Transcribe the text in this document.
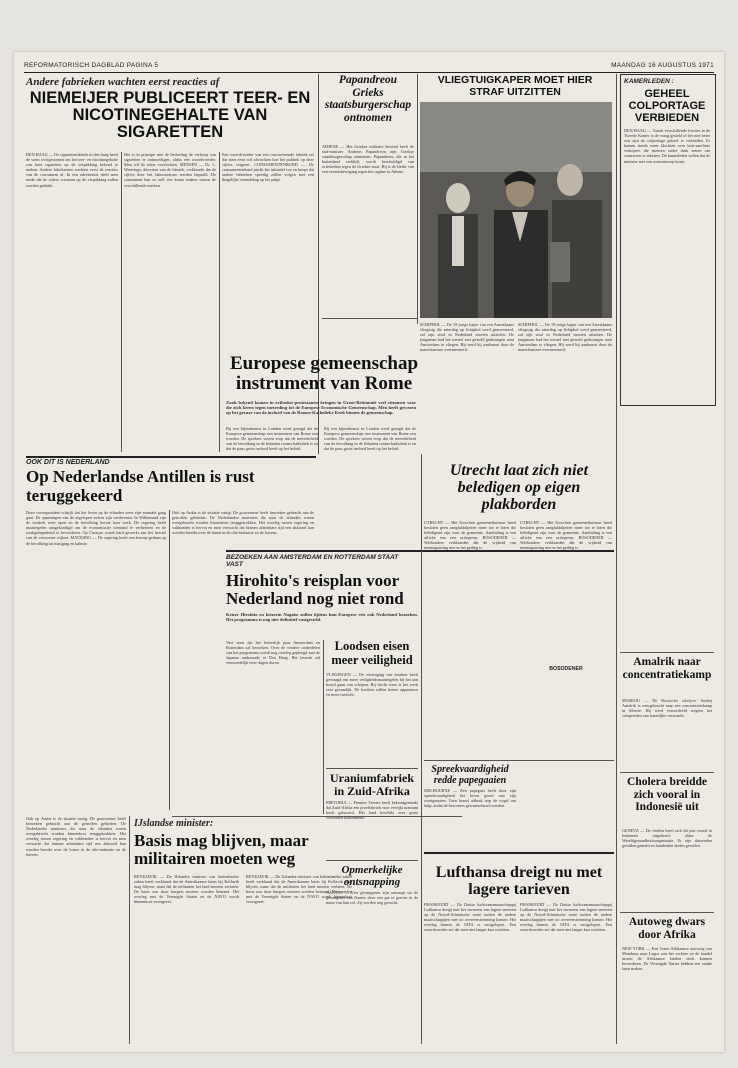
REFORMATORISCH DAGBLAD PAGINA 5	MAANDAG 16 AUGUSTUS 1971
Andere fabrieken wachten eerst reacties af
NIEMEIJER PUBLICEERT TEER- EN NICOTINEGEHALTE VAN SIGARETTEN
DEN HAAG — De sigarettenfabriek in den haag heeft de wens overgenomen om het teer- en nicotinegehalte van haar sigaretten op de verpakking bekend te maken. Andere fabrikanten wachten eerst de reacties van de consument af. In een advertentie deelt men mede dat de cijfers voortaan op de verpakking zullen worden gedrukt.
Het is in principe niet de bedoeling de verkoop van sigaretten te ontmoedigen, aldus een woordvoerder. Men wil de roker voorlichten. MENSEN — Dr. L. Weterings, directeur van de fabriek, verklaarde dat de cijfers door het laboratorium werden bepaald. De consument kan zo zelf een keuze maken tussen de verschillende merken.
Een woordvoerder van een concurrerende fabriek zei dat men eerst wil afwachten hoe het publiek op deze cijfers reageert. CONSUMENTENBOND — De consumentenbond juicht het initiatief toe en hoopt dat andere fabrieken spoedig zullen volgen met een dergelijke vermelding op het pakje.
OOK DIT IS NEDERLAND
Op Nederlandse Antillen is rust teruggekeerd
Deze correspondent schrijft dat het leven op de eilanden weer zijn normale gang gaat. De spanningen van de afgelopen weken zijn verdwenen. In Willemstad zijn de winkels weer open en de bevolking hervat haar werk. De regering heeft maatregelen aangekondigd om de economische toestand te verbeteren en de werkgelegenheid te bevorderen. Op Curaçao wordt hard gewerkt aan het herstel van de verwoeste wijken. MATIGING — De regering heeft een beroep gedaan op de bevolking tot matiging en kalmte.
Ook op Aruba is de situatie rustig. De gouverneur heeft bezoeken gebracht aan de getroffen gebieden. De Nederlandse mariniers die naar de eilanden waren overgebracht worden binnenkort teruggetrokken. Het overleg tussen regering en vakbonden is hervat en men verwacht dat binnen afzienbare tijd een akkoord kan worden bereikt over de lonen in de olie-industrie en de havens.
IJslandse minister:
Basis mag blijven, maar militairen moeten weg
REYKJAVIK — De IJslandse minister van buitenlandse zaken heeft verklaard dat de Amerikaanse basis bij Keflavik mag blijven, maar dat de militairen het land moeten verlaten. De basis zou door burgers moeten worden bemand. Het overleg met de Verenigde Staten en de NAVO wordt binnenkort voortgezet.
REYKJAVIK — De IJslandse minister van buitenlandse zaken heeft verklaard dat de Amerikaanse basis bij Keflavik mag blijven, maar dat de militairen het land moeten verlaten. De basis zou door burgers moeten worden bemand. Het overleg met de Verenigde Staten en de NAVO wordt binnenkort voortgezet.
Ook op Aruba is de situatie rustig. De gouverneur heeft bezoeken gebracht aan de getroffen gebieden. De Nederlandse mariniers die naar de eilanden waren overgebracht worden binnenkort teruggetrokken. Het overleg tussen regering en vakbonden is hervat en men verwacht dat binnen afzienbare tijd een akkoord kan worden bereikt over de lonen in de olie-industrie en de havens.
Papandreou Grieks staatsburgerschap ontnomen
ATHENE — Het Griekse militaire bewind heeft de oud-minister Andreas Papandreou zijn Griekse staatsburgerschap ontnomen. Papandreou, die in het buitenland verblijft, wordt beschuldigd van activiteiten tegen de Griekse staat. Hij is de leider van een verzetsbeweging tegen het regime in Athene.
VLIEGTUIGKAPER MOET HIER STRAF UITZITTEN
SCHIPHOL — De 19-jarige kaper van een Amerikaans vliegtuig die zaterdag op Schiphol werd gearresteerd, zal zijn straf in Nederland moeten uitzitten. De jongeman had het toestel met geweld gedwongen naar Amsterdam te vliegen. Hij werd bij aankomst door de marechaussee overmeesterd.
SCHIPHOL — De 19-jarige kaper van een Amerikaans vliegtuig die zaterdag op Schiphol werd gearresteerd, zal zijn straf in Nederland moeten uitzitten. De jongeman had het toestel met geweld gedwongen naar Amsterdam te vliegen. Hij werd bij aankomst door de marechaussee overmeesterd.
Europese gemeenschap instrument van Rome
Zoals bekend komen in orthodox-protestantse kringen in Groot-Brittannië veel stemmen voor die zich keren tegen toetreding tot de Europese Economische Gemeenschap. Men heeft gewezen op het gevaar van de invloed van de Rooms-Katholieke Kerk binnen de gemeenschap.
Bij een bijeenkomst in Londen werd gezegd dat de Europese gemeenschap een instrument van Rome zou worden. De sprekers wezen erop dat de meerderheid van de bevolking in de lidstaten rooms-katholiek is en dat de paus grote invloed heeft op het beleid.
Bij een bijeenkomst in Londen werd gezegd dat de Europese gemeenschap een instrument van Rome zou worden. De sprekers wezen erop dat de meerderheid van de bevolking in de lidstaten rooms-katholiek is en dat de paus grote invloed heeft op het beleid.
BEZOEKEN AAN AMSTERDAM EN ROTTERDAM STAAT VAST
Hirohito's reisplan voor Nederland nog niet rond
Keizer Hirohito en keizerin Nagako zullen tijdens hun Europese reis ook Nederland bezoeken. Het programma is nog niet definitief vastgesteld.
Vast staat dat het keizerlijk paar Amsterdam en Rotterdam zal bezoeken. Over de verdere onderdelen van het programma wordt nog overleg gepleegd met de Japanse ambassade in Den Haag. Het bezoek zal vermoedelijk twee dagen duren.
Loodsen eisen meer veiligheid
VLISSINGEN — De vereniging van loodsen heeft gevraagd om meer veiligheidsmaatregelen bij het aan boord gaan van schepen. Bij slecht weer is het werk zeer gevaarlijk. De loodsen willen betere apparatuur en meer toezicht.
Uraniumfabriek in Zuid-Afrika
PRETORIA — Premier Vorster heeft bekendgemaakt dat Zuid-Afrika een proeffabriek voor verrijkt uranium heeft gebouwd. Het land beschikt over grote voorraden uraniumerts.
Opmerkelijke ontsnapping
NANTES — Vier gevangenen zijn ontsnapt uit de gevangenis van Nantes door een gat te graven in de muur van hun cel. Zij worden nog gezocht.
Utrecht laat zich niet beledigen op eigen plakborden
UTRECHT — Het Utrechtse gemeentebestuur heeft besloten geen aanplakbiljetten meer toe te laten die beledigend zijn voor de gemeente. Aanleiding is een affiche van een actiegroep. BOSODENER — Wethouders verklaarden dat de vrijheid van meningsuiting niet in het geding is.
UTRECHT — Het Utrechtse gemeentebestuur heeft besloten geen aanplakbiljetten meer toe te laten die beledigend zijn voor de gemeente. Aanleiding is een affiche van een actiegroep. BOSODENER — Wethouders verklaarden dat de vrijheid van meningsuiting niet in het geding is.
BOSODENER
Spreekvaardigheid redde papegaaien
MELBOURNE — Een papegaai heeft door zijn spreekvaardigheid het leven gered van zijn soortgenoten. Toen brand uitbrak riep de vogel om hulp, zodat de bewoners gewaarschuwd werden.
Lufthansa dreigt nu met lagere tarieven
FRANKFURT — De Duitse luchtvaartmaatschappij Lufthansa dreigt met het invoeren van lagere tarieven op de Noord-Atlantische route indien de andere maatschappijen niet tot overeenstemming komen. Het overleg binnen de IATA is vastgelopen. Een woordvoerder zei dat men niet langer kan wachten.
FRANKFURT — De Duitse luchtvaartmaatschappij Lufthansa dreigt met het invoeren van lagere tarieven op de Noord-Atlantische route indien de andere maatschappijen niet tot overeenstemming komen. Het overleg binnen de IATA is vastgelopen. Een woordvoerder zei dat men niet langer kan wachten.
KAMERLEDEN :
GEHEEL COLPORTAGE VERBIEDEN
DEN HAAG — Vanuit verschillende fracties in de Tweede Kamer is de vraag gesteld of het niet beter zou zijn de colportage geheel te verbieden. Er komen steeds meer klachten over huis-aan-huis verkopers die mensen onder druk zetten om contracten te tekenen. De kamerleden willen dat de minister met een wetsontwerp komt.
Amalrik naar concentratiekamp
MOSKOU — De Russische schrijver Andrej Amalrik is overgebracht naar een concentratiekamp in Siberië. Hij werd veroordeeld wegens het verspreiden van lasterlijke verzinsels.
Cholera breidde zich vooral in Indonesië uit
GENEVE — De cholera heeft zich dit jaar vooral in Indonesië uitgebreid, aldus de Wereldgezondheidsorganisatie. Er zijn duizenden gevallen gemeld en honderden doden gevallen.
Autoweg dwars door Afrika
NEW YORK — Een Trans-Afrikaanse autoweg van Mombasa naar Lagos zou het verkeer en de handel tussen de Afrikaanse landen sterk kunnen bevorderen. De Verenigde Naties hebben een studie laten maken.
